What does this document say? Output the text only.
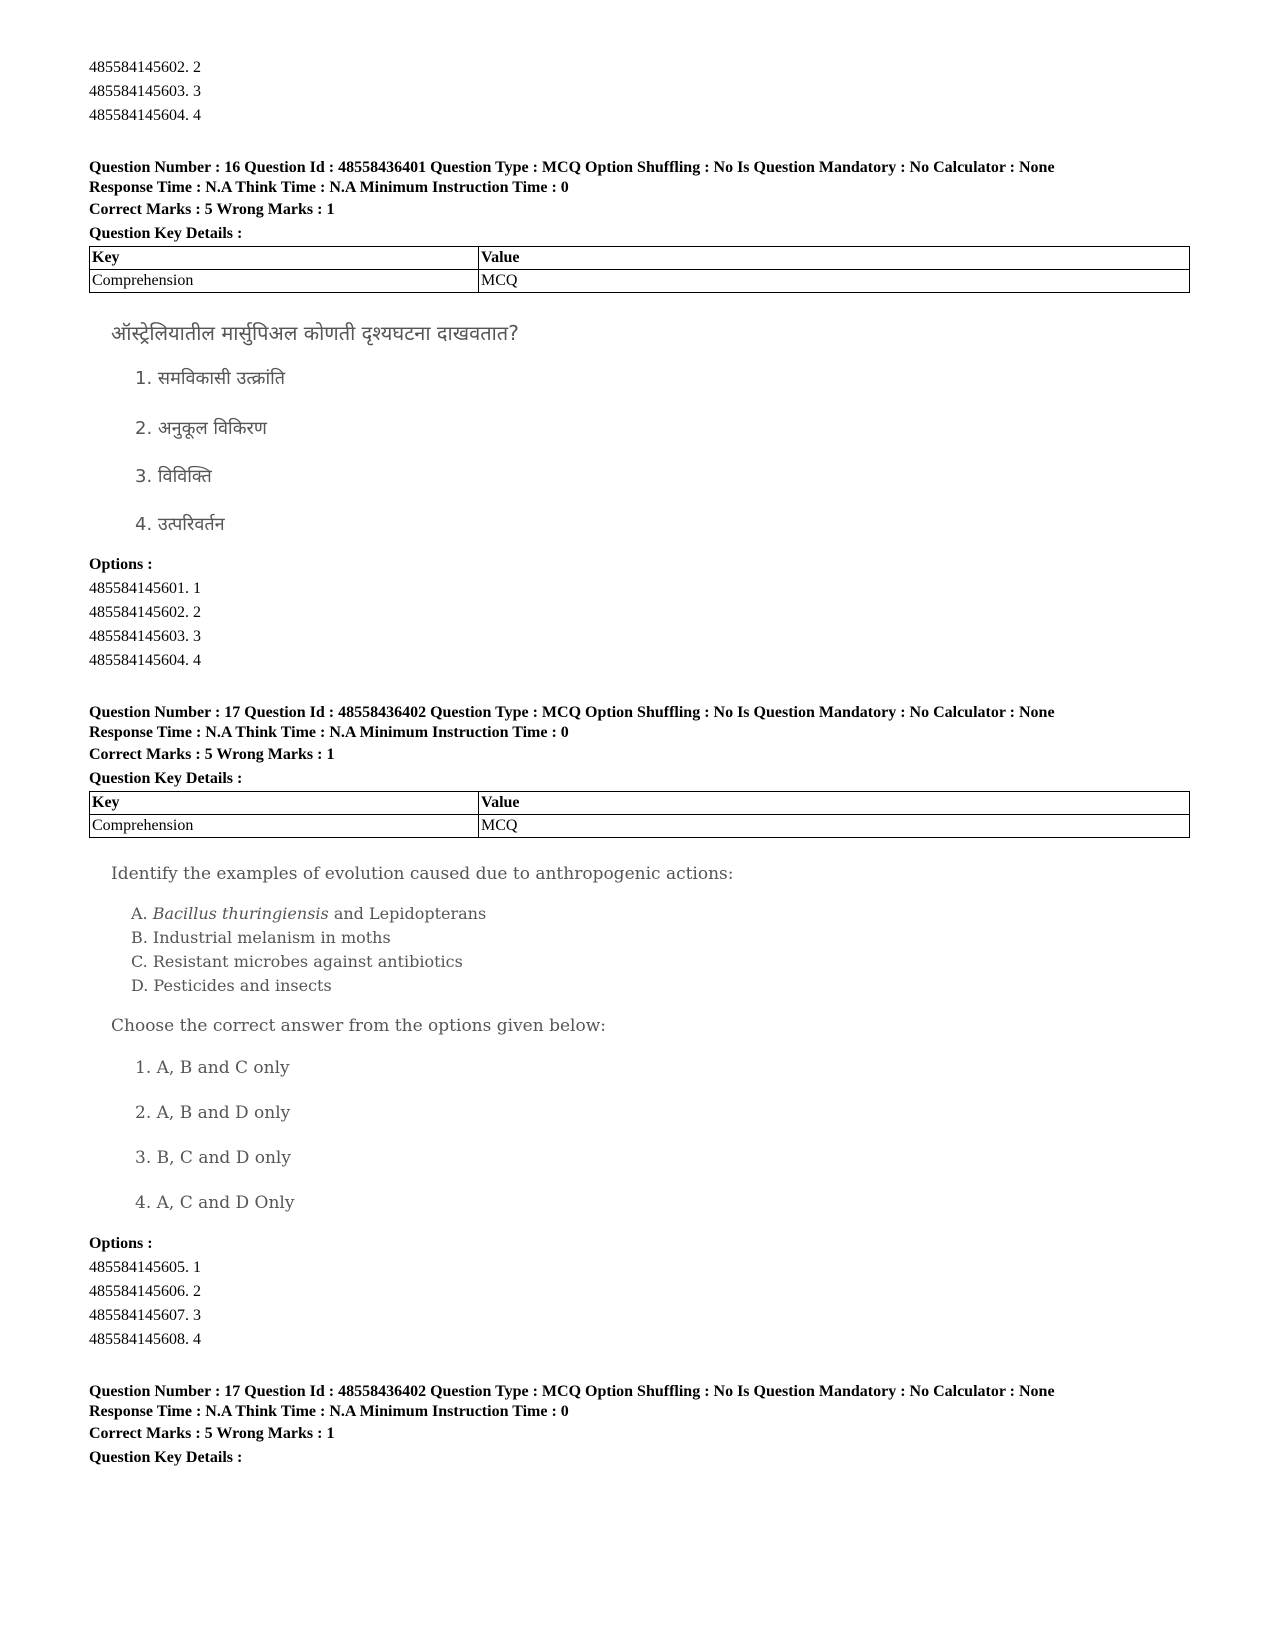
485584145602. 2
485584145603. 3
485584145604. 4
Question Number : 16 Question Id : 48558436401 Question Type : MCQ Option Shuffling : No Is Question Mandatory : No Calculator : None
Response Time : N.A Think Time : N.A Minimum Instruction Time : 0
Correct Marks : 5 Wrong Marks : 1
Question Key Details :
Key	Value
Comprehension	MCQ
ऑस्ट्रेलियातील मार्सुपिअल कोणती दृश्यघटना दाखवतात?
1. समविकासी उत्क्रांति
2. अनुकूल विकिरण
3. विविक्ति
4. उत्परिवर्तन
Options :
485584145601. 1
485584145602. 2
485584145603. 3
485584145604. 4
Question Number : 17 Question Id : 48558436402 Question Type : MCQ Option Shuffling : No Is Question Mandatory : No Calculator : None
Response Time : N.A Think Time : N.A Minimum Instruction Time : 0
Correct Marks : 5 Wrong Marks : 1
Question Key Details :
Key	Value
Comprehension	MCQ
Identify the examples of evolution caused due to anthropogenic actions:
A. Bacillus thuringiensis and Lepidopterans
B. Industrial melanism in moths
C. Resistant microbes against antibiotics
D. Pesticides and insects
Choose the correct answer from the options given below:
1. A, B and C only
2. A, B and D only
3. B, C and D only
4. A, C and D Only
Options :
485584145605. 1
485584145606. 2
485584145607. 3
485584145608. 4
Question Number : 17 Question Id : 48558436402 Question Type : MCQ Option Shuffling : No Is Question Mandatory : No Calculator : None
Response Time : N.A Think Time : N.A Minimum Instruction Time : 0
Correct Marks : 5 Wrong Marks : 1
Question Key Details :
